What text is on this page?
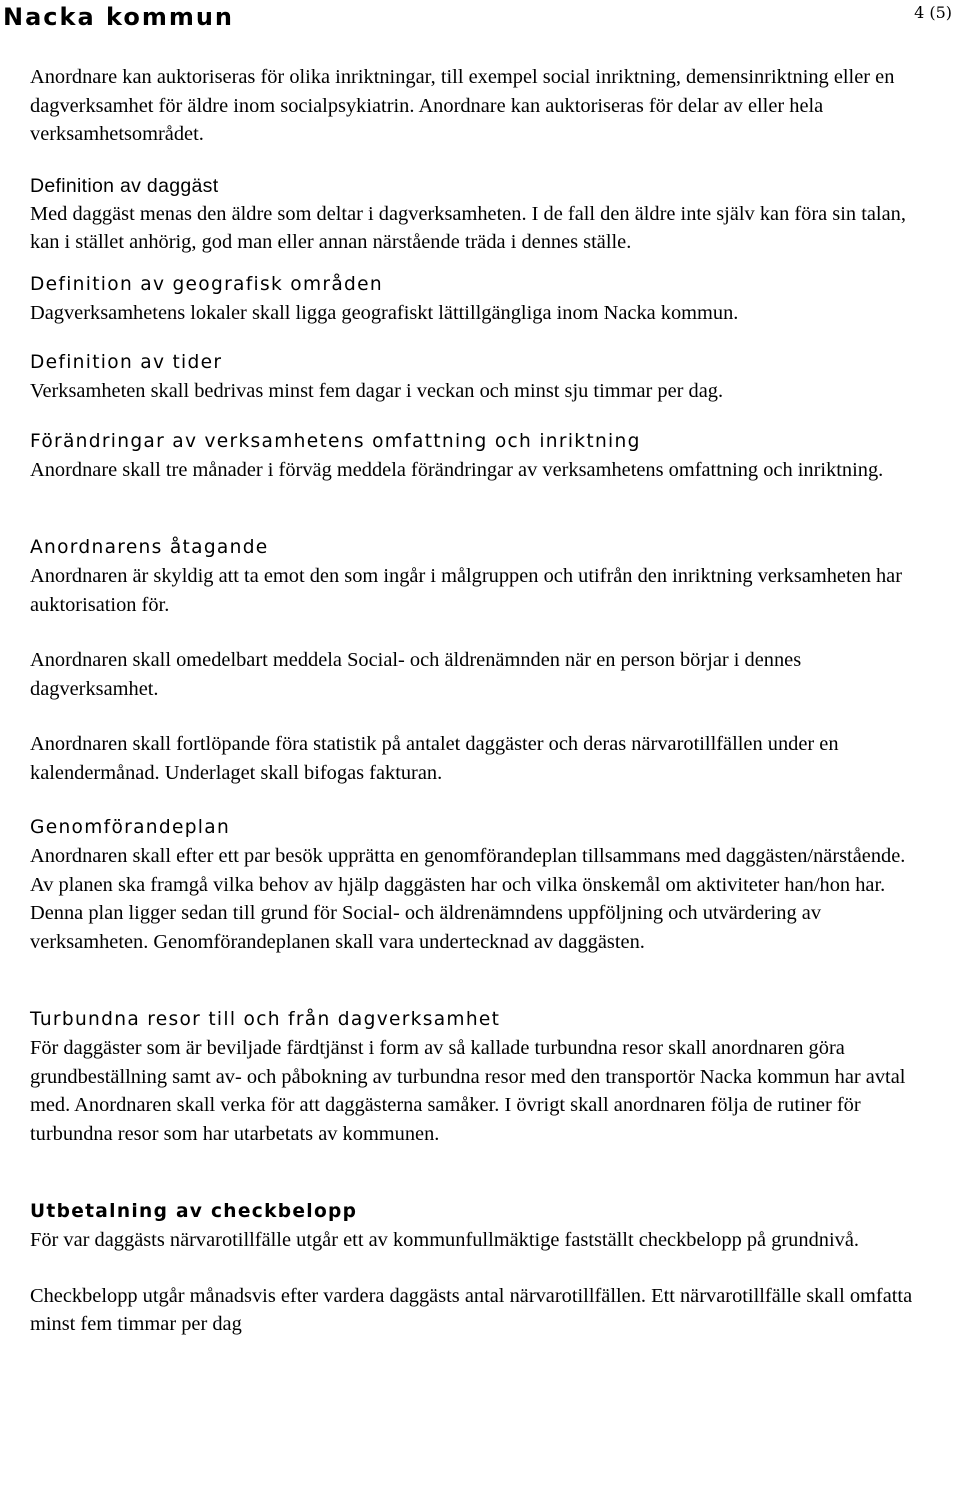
Nacka kommun	4 (5)

Anordnare kan auktoriseras för olika inriktningar, till exempel social inriktning, demensinriktning eller en dagverksamhet för äldre inom socialpsykiatrin. Anordnare kan auktoriseras för delar av eller hela verksamhetsområdet.

Definition av daggäst

Med daggäst menas den äldre som deltar i dagverksamheten. I de fall den äldre inte själv kan föra sin talan, kan i stället anhörig, god man eller annan närstående träda i dennes ställe.

Definition av geografisk områden

Dagverksamhetens lokaler skall ligga geografiskt lättillgängliga inom Nacka kommun.

Definition av tider

Verksamheten skall bedrivas minst fem dagar i veckan och minst sju timmar per dag.

Förändringar av verksamhetens omfattning och inriktning

Anordnare skall tre månader i förväg meddela förändringar av verksamhetens omfattning och inriktning.

Anordnarens åtagande

Anordnaren är skyldig att ta emot den som ingår i målgruppen och utifrån den inriktning verksamheten har auktorisation för.

Anordnaren skall omedelbart meddela Social- och äldrenämnden när en person börjar i dennes dagverksamhet.

Anordnaren skall fortlöpande föra statistik på antalet daggäster och deras närvarotillfällen under en kalendermånad. Underlaget skall bifogas fakturan.

Genomförandeplan

Anordnaren skall efter ett par besök upprätta en genomförandeplan tillsammans med daggästen/närstående. Av planen ska framgå vilka behov av hjälp daggästen har och vilka önskemål om aktiviteter han/hon har. Denna plan ligger sedan till grund för Social- och äldrenämndens uppföljning och utvärdering av verksamheten. Genomförandeplanen skall vara undertecknad av daggästen.

Turbundna resor till och från dagverksamhet

För daggäster som är beviljade färdtjänst i form av så kallade turbundna resor skall anordnaren göra grundbeställning samt av- och påbokning av turbundna resor med den transportör Nacka kommun har avtal med. Anordnaren skall verka för att daggästerna samåker. I övrigt skall anordnaren följa de rutiner för turbundna resor som har utarbetats av kommunen.

Utbetalning av checkbelopp

För var daggästs närvarotillfälle utgår ett av kommunfullmäktige fastställt checkbelopp på grundnivå.

Checkbelopp utgår månadsvis efter vardera daggästs antal närvarotillfällen. Ett närvarotillfälle skall omfatta minst fem timmar per dag
